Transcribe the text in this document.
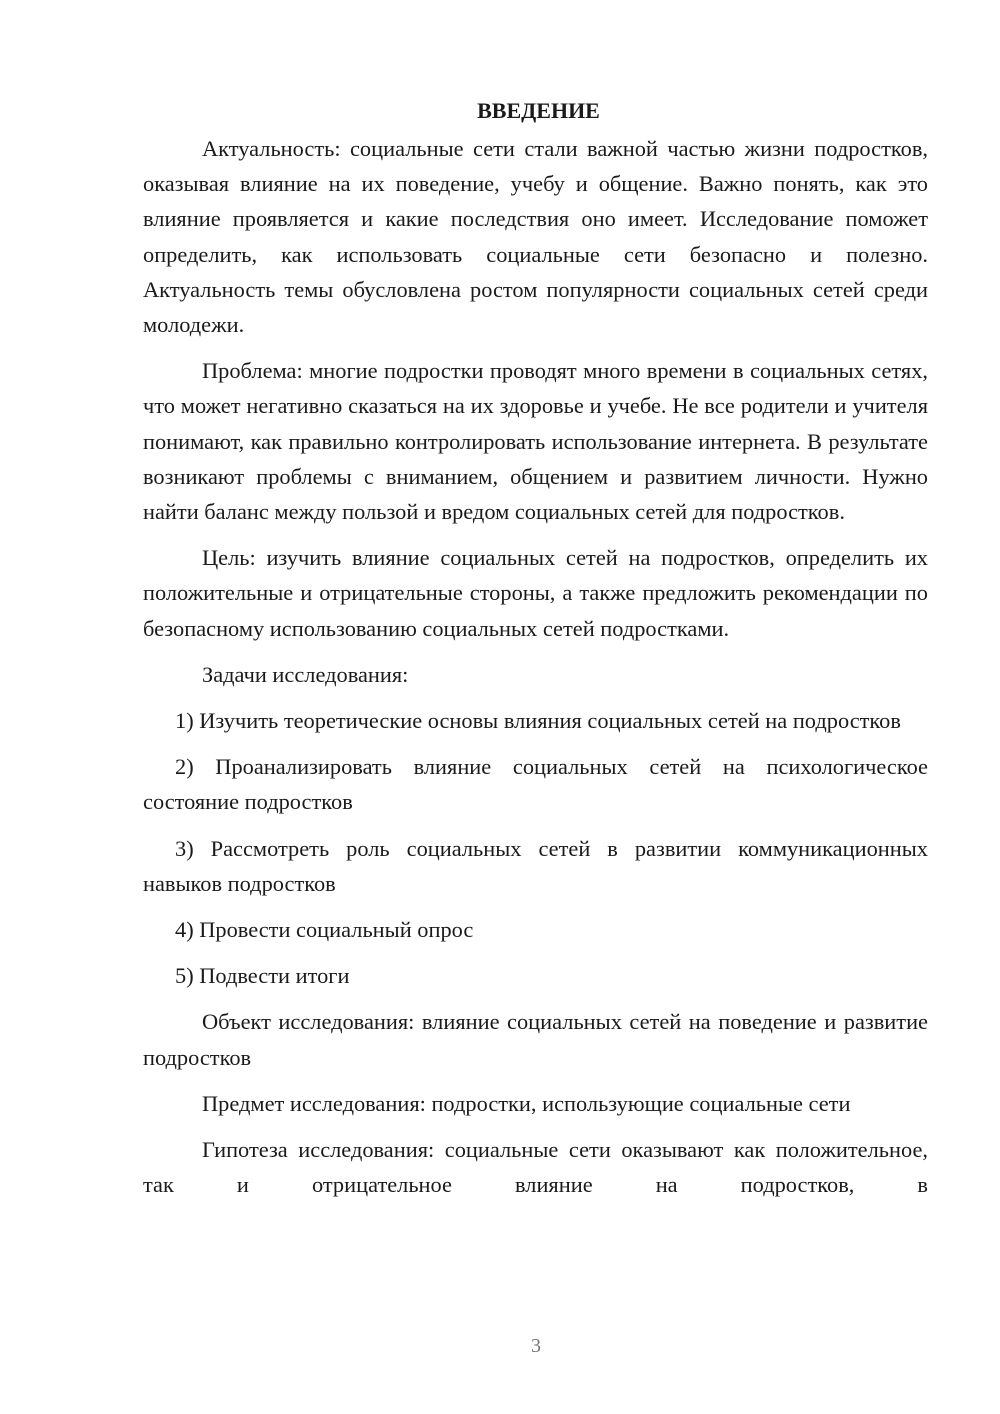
ВВЕДЕНИЕ

Актуальность: социальные сети стали важной частью жизни подростков, оказывая влияние на их поведение, учебу и общение. Важно понять, как это влияние проявляется и какие последствия оно имеет. Исследование поможет определить, как использовать социальные сети безопасно и полезно. Актуальность темы обусловлена ростом популярности социальных сетей среди молодежи.

Проблема: многие подростки проводят много времени в социальных сетях, что может негативно сказаться на их здоровье и учебе. Не все родители и учителя понимают, как правильно контролировать использование интернета. В результате возникают проблемы с вниманием, общением и развитием личности. Нужно найти баланс между пользой и вредом социальных сетей для подростков.

Цель: изучить влияние социальных сетей на подростков, определить их положительные и отрицательные стороны, а также предложить рекомендации по безопасному использованию социальных сетей подростками.

Задачи исследования:

1) Изучить теоретические основы влияния социальных сетей на подростков

2) Проанализировать влияние социальных сетей на психологическое состояние подростков

3) Рассмотреть роль социальных сетей в развитии коммуникационных навыков подростков

4) Провести социальный опрос

5) Подвести итоги

Объект исследования: влияние социальных сетей на поведение и развитие подростков

Предмет исследования: подростки, использующие социальные сети

Гипотеза исследования: социальные сети оказывают как положительное, так и отрицательное влияние на подростков, в

3
